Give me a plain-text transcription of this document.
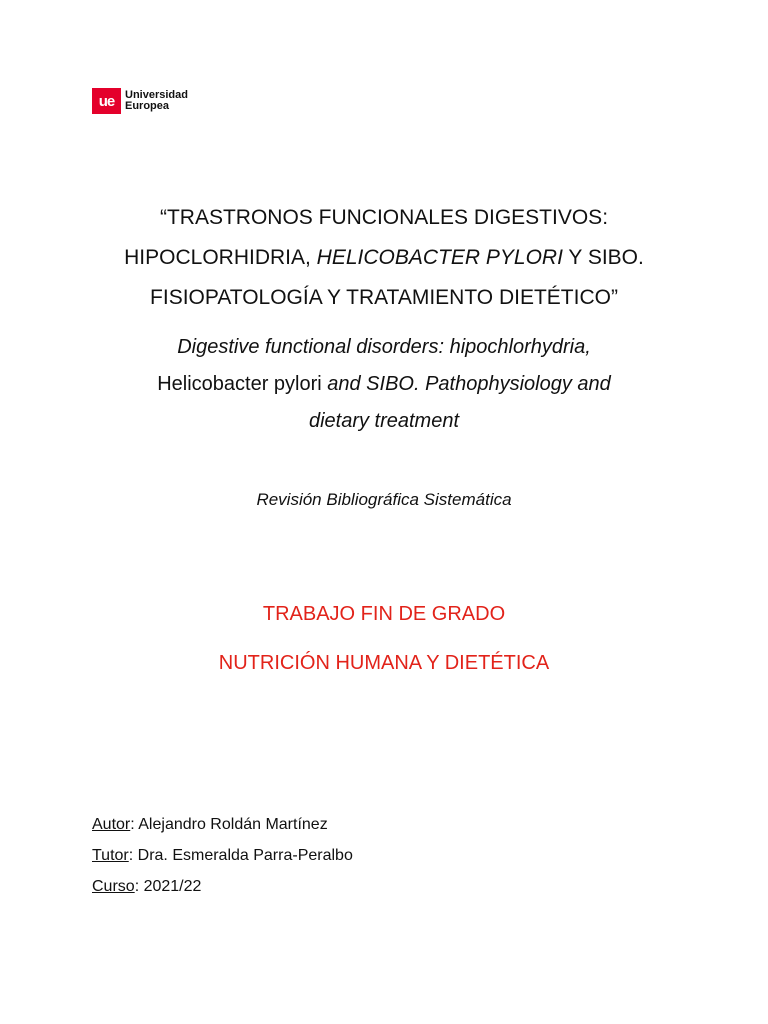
ue Universidad
Europea
“TRASTRONOS FUNCIONALES DIGESTIVOS:
HIPOCLORHIDRIA, HELICOBACTER PYLORI Y SIBO.
FISIOPATOLOGÍA Y TRATAMIENTO DIETÉTICO”
Digestive functional disorders: hipochlorhydria,
Helicobacter pylori and SIBO. Pathophysiology and
dietary treatment
Revisión Bibliográfica Sistemática
TRABAJO FIN DE GRADO
NUTRICIÓN HUMANA Y DIETÉTICA
Autor: Alejandro Roldán Martínez
Tutor: Dra. Esmeralda Parra-Peralbo
Curso: 2021/22
